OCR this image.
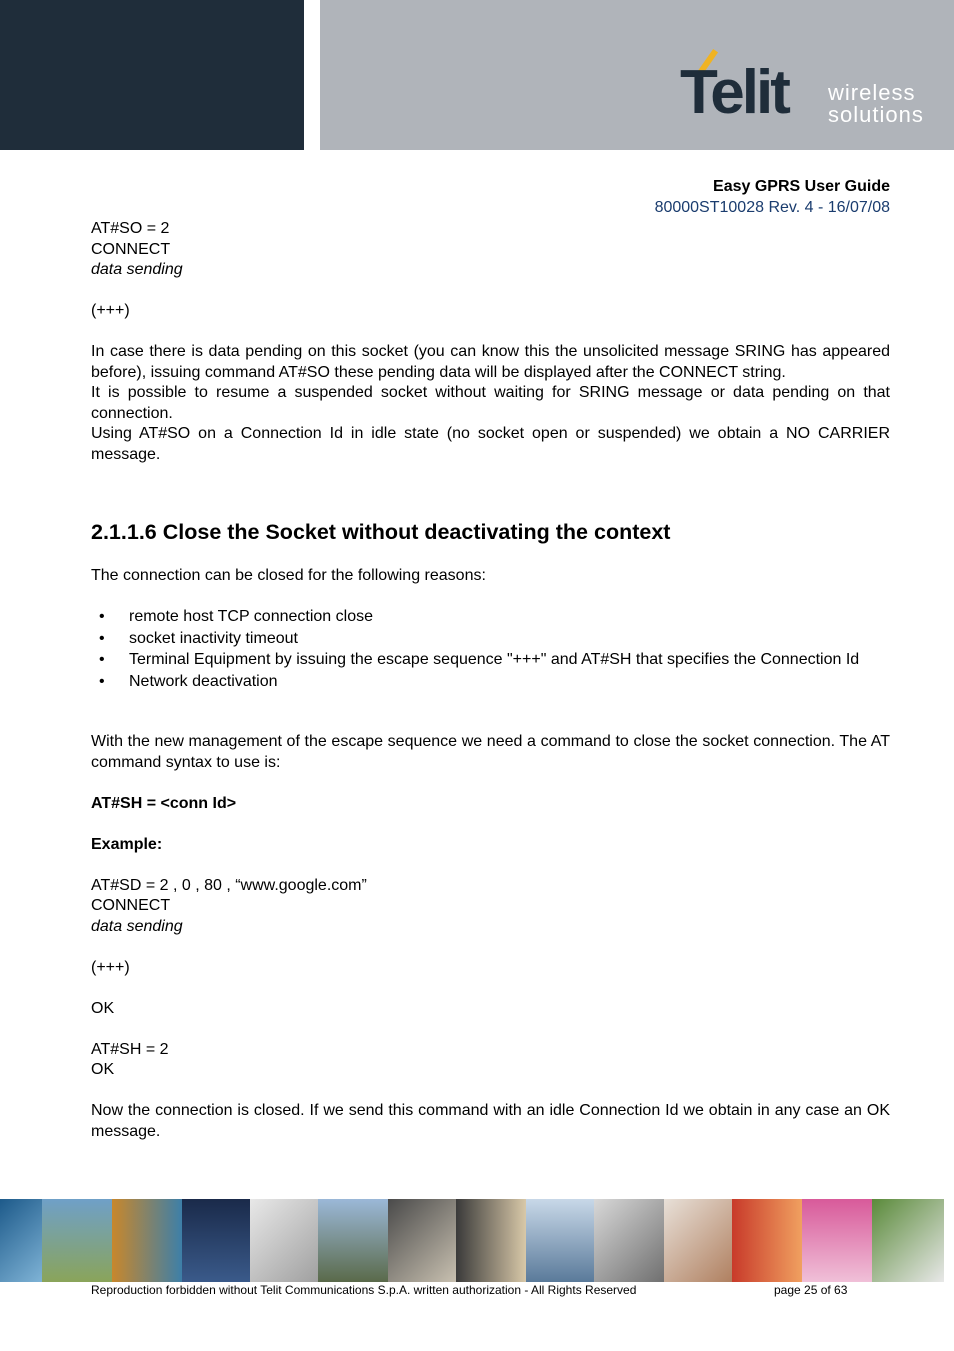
Telit wireless
solutions
Easy GPRS User Guide
80000ST10028 Rev. 4 - 16/07/08

AT#SO = 2

CONNECT

data sending

(+++)

In case there is data pending on this socket (you can know this the unsolicited message SRING has appeared before), issuing command AT#SO these pending data will be displayed after the CONNECT string.

It is possible to resume a suspended socket without waiting for SRING message or data pending on that connection.

Using AT#SO on a Connection Id in idle state (no socket open or suspended) we obtain a NO CARRIER message.

2.1.1.6 Close the Socket without deactivating the context

The connection can be closed for the following reasons:

• remote host TCP connection close
• socket inactivity timeout
• Terminal Equipment by issuing the escape sequence "+++" and AT#SH that specifies the Connection Id
• Network deactivation

With the new management of the escape sequence we need a command to close the socket connection. The AT command syntax to use is:

AT#SH = <conn Id>

Example:

AT#SD = 2 , 0 , 80 , “www.google.com”

CONNECT

data sending

(+++)

OK

AT#SH = 2

OK

Now the connection is closed. If we send this command with an idle Connection Id we obtain in any case an OK message.

Reproduction forbidden without Telit Communications S.p.A. written authorization - All Rights Reserved	page 25 of 63
